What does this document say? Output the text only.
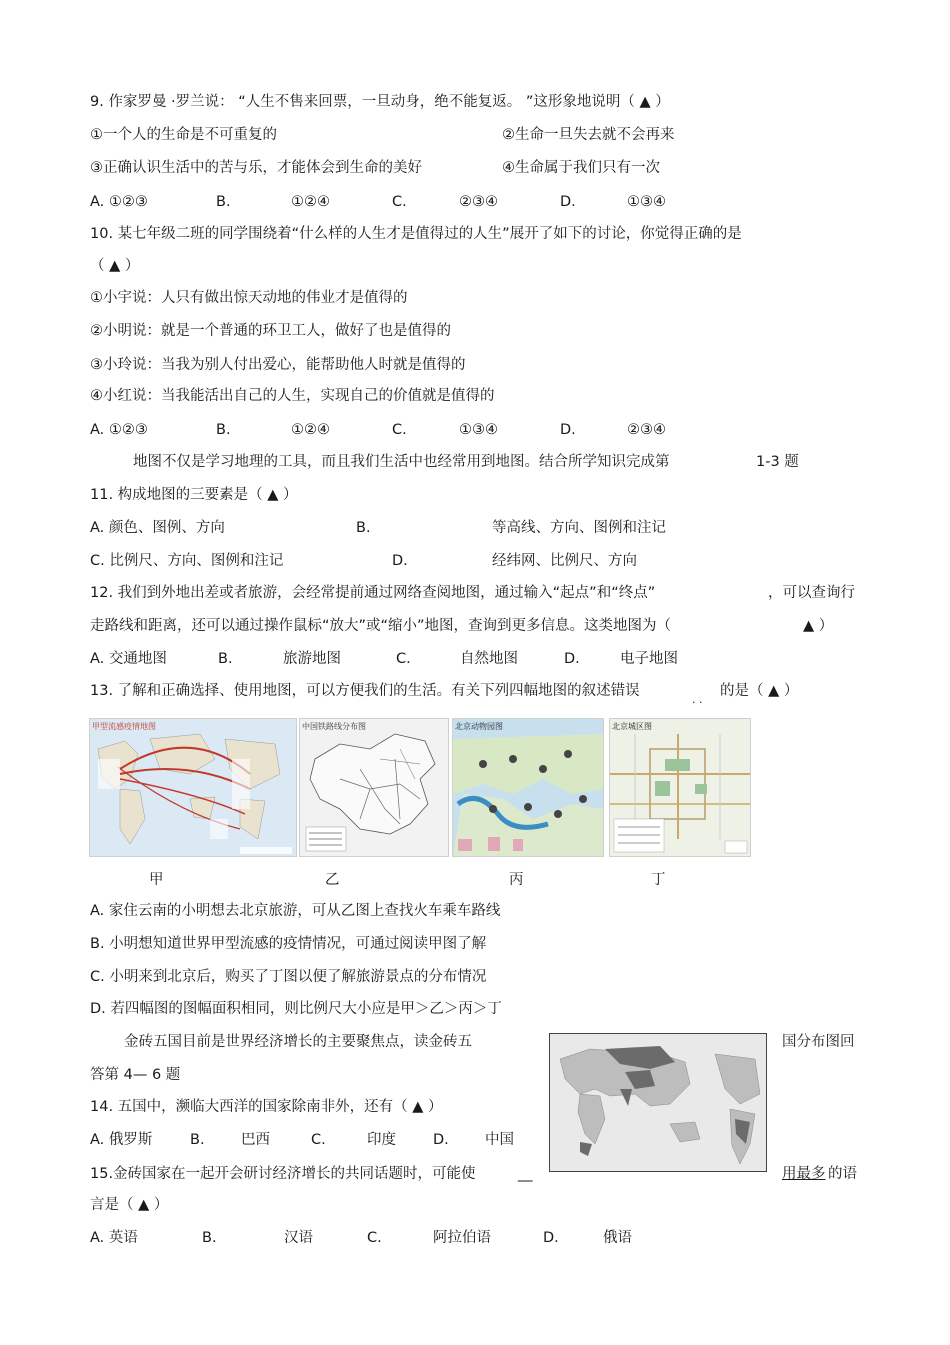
9. 作家罗曼 ·罗兰说： “人生不售来回票，一旦动身，绝不能复返。 ”这形象地说明（ ▲ ）
①一个人的生命是不可重复的	②生命一旦失去就不会再来
③正确认识生活中的苦与乐，才能体会到生命的美好	④生命属于我们只有一次
A. ①②③	B.	①②④	C.	②③④	D.	①③④
10. 某七年级二班的同学围绕着“什么样的人生才是值得过的人生”展开了如下的讨论，你觉得正确的是
（ ▲ ）
①小宇说：人只有做出惊天动地的伟业才是值得的
②小明说：就是一个普通的环卫工人，做好了也是值得的
③小玲说：当我为别人付出爱心，能帮助他人时就是值得的
④小红说：当我能活出自己的人生，实现自己的价值就是值得的
A. ①②③	B.	①②④	C.	①③④	D.	②③④
地图不仅是学习地理的工具，而且我们生活中也经常用到地图。结合所学知识完成第	1-3 题
11. 构成地图的三要素是（ ▲ ）
A. 颜色、图例、方向	B.	等高线、方向、图例和注记
C. 比例尺、方向、图例和注记	D.	经纬网、比例尺、方向
12. 我们到外地出差或者旅游，会经常提前通过网络查阅地图，通过输入“起点”和“终点”	，可以查询行
走路线和距离，还可以通过操作鼠标“放大”或“缩小”地图，查询到更多信息。这类地图为（	▲ ）
A. 交通地图	B.	旅游地图	C.	自然地图	D.	电子地图
13. 了解和正确选择、使用地图，可以方便我们的生活。有关下列四幅地图的叙述错误
. .
的是（ ▲ ）
甲型流感疫情地图	中国铁路线分布图	北京动物园图	北京城区图
甲	乙	丙	丁
A. 家住云南的小明想去北京旅游，可从乙图上查找火车乘车路线
B. 小明想知道世界甲型流感的疫情情况，可通过阅读甲图了解
C. 小明来到北京后，购买了丁图以便了解旅游景点的分布情况
D. 若四幅图的图幅面积相同，则比例尺大小应是甲＞乙＞丙＞丁
金砖五国目前是世界经济增长的主要聚焦点，读金砖五	国分布图回
答第 4— 6 题
14. 五国中，濒临大西洋的国家除南非外，还有（ ▲ ）
A. 俄罗斯	B.	巴西	C.	印度	D. 中国
15.金砖国家在一起开会研讨经济增长的共同话题时，可能使	__	用最多 的语
言是（ ▲ ）
A. 英语	B.	汉语	C.	阿拉伯语	D.	俄语
